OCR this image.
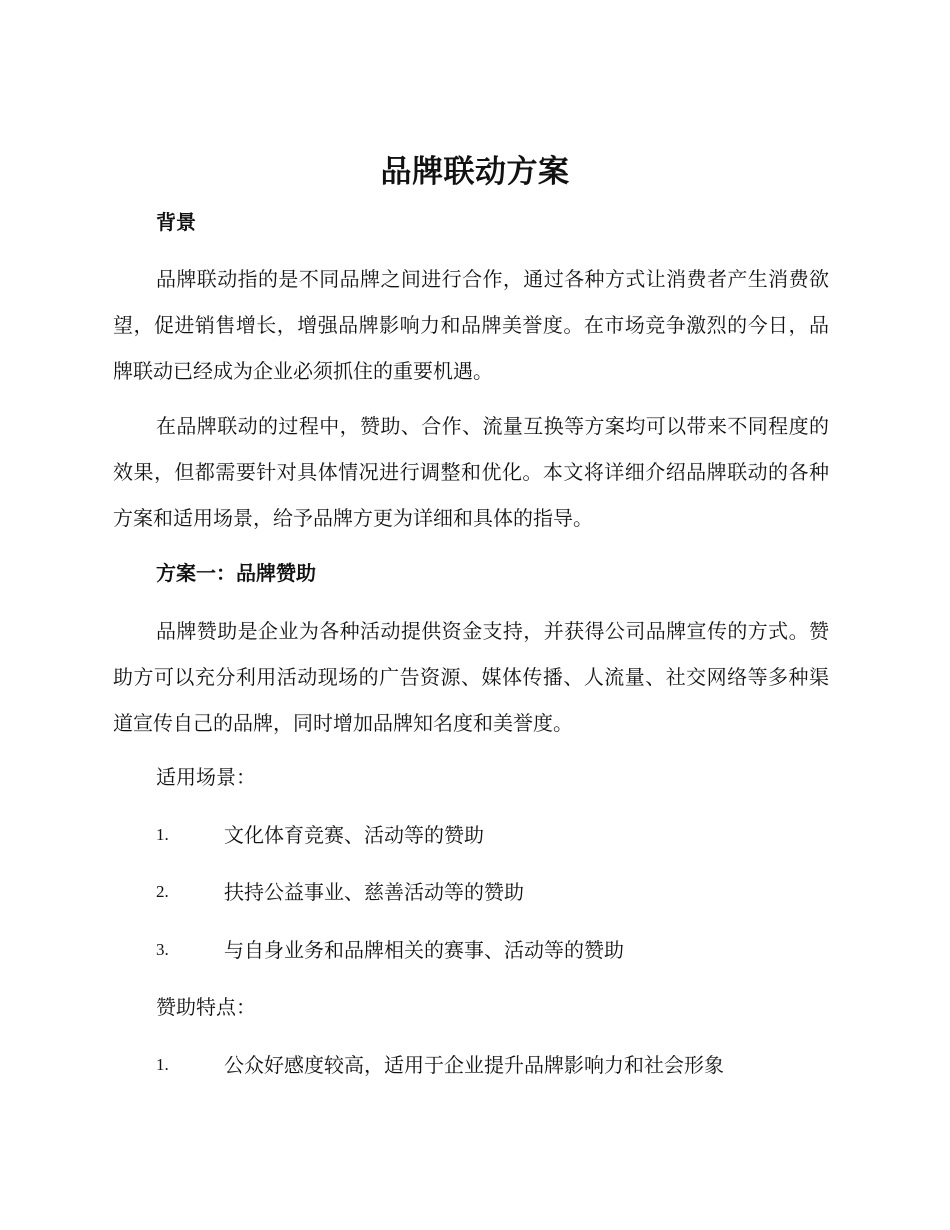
品牌联动方案

背景

品牌联动指的是不同品牌之间进行合作，通过各种方式让消费者产生消费欲望，促进销售增长，增强品牌影响力和品牌美誉度。在市场竞争激烈的今日，品牌联动已经成为企业必须抓住的重要机遇。

在品牌联动的过程中，赞助、合作、流量互换等方案均可以带来不同程度的效果，但都需要针对具体情况进行调整和优化。本文将详细介绍品牌联动的各种方案和适用场景，给予品牌方更为详细和具体的指导。

方案一：品牌赞助

品牌赞助是企业为各种活动提供资金支持，并获得公司品牌宣传的方式。赞助方可以充分利用活动现场的广告资源、媒体传播、人流量、社交网络等多种渠道宣传自己的品牌，同时增加品牌知名度和美誉度。

适用场景：

1.	文化体育竞赛、活动等的赞助
2.	扶持公益事业、慈善活动等的赞助
3.	与自身业务和品牌相关的赛事、活动等的赞助

赞助特点：

1.	公众好感度较高，适用于企业提升品牌影响力和社会形象
